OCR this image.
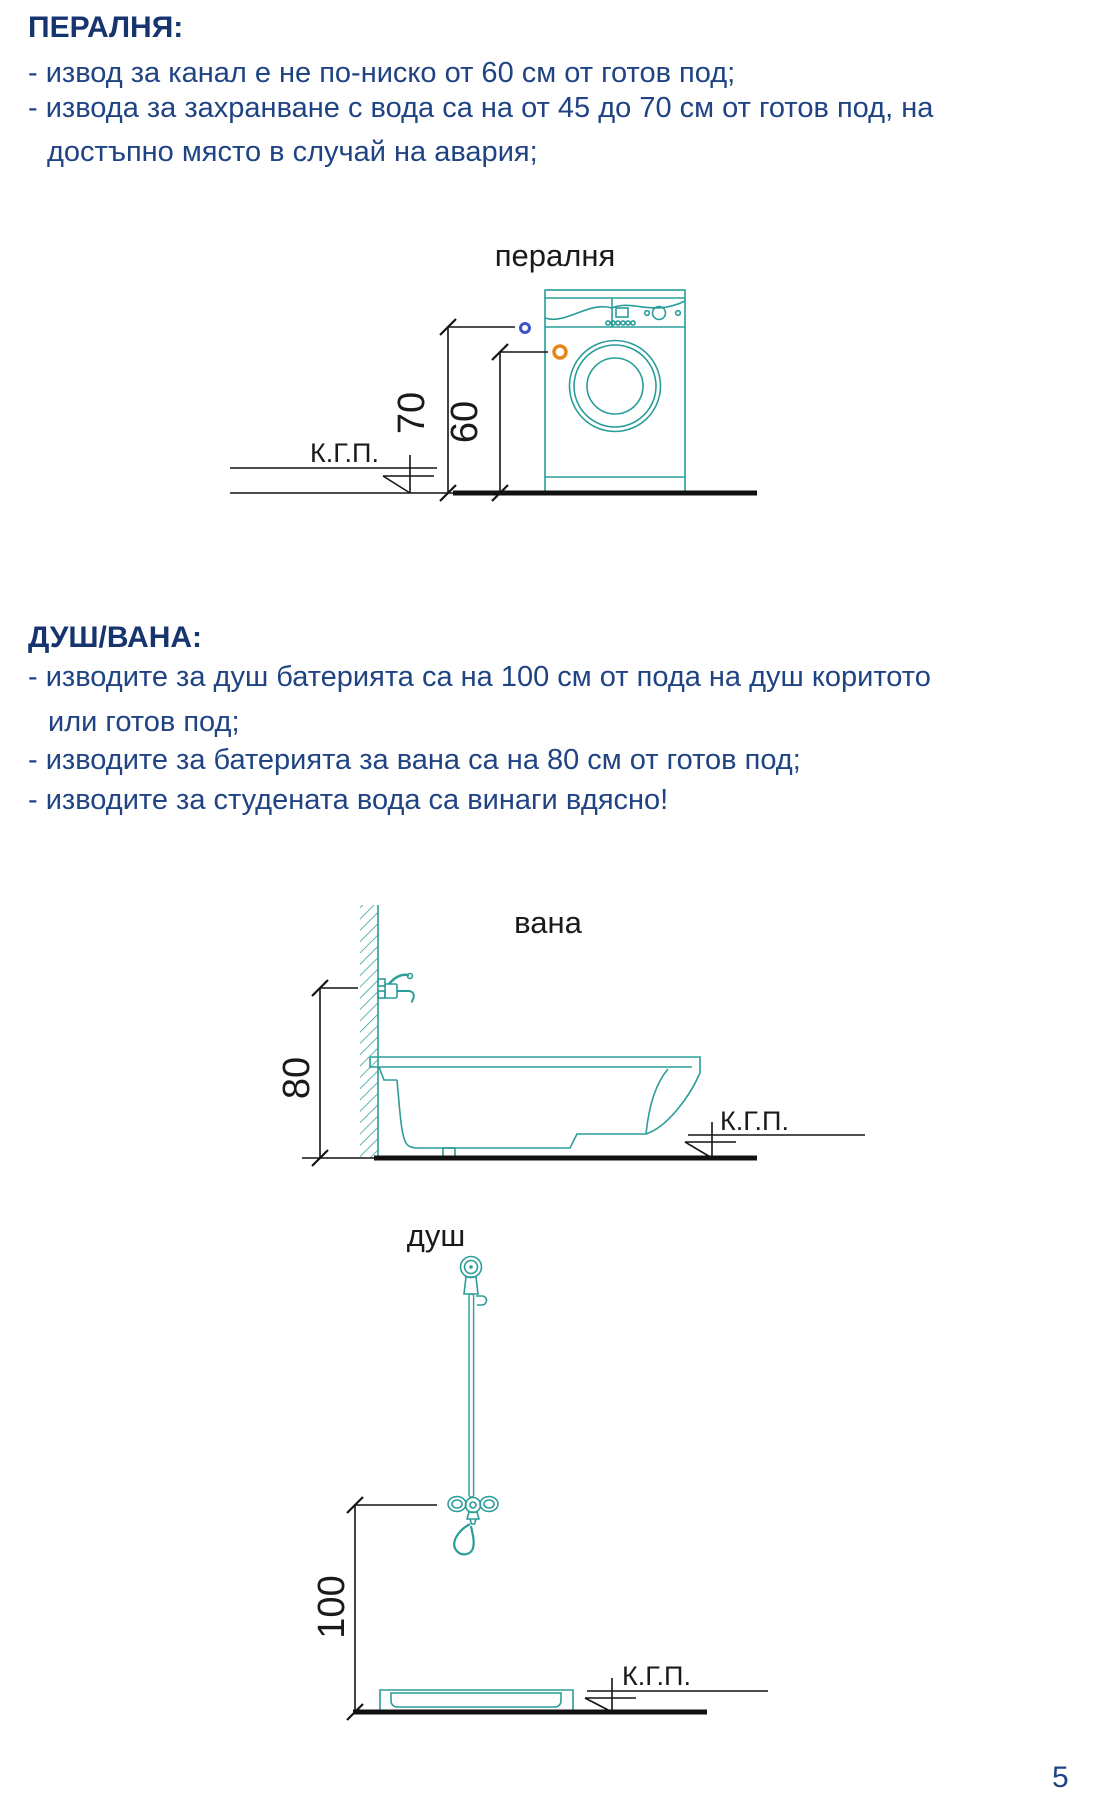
ПЕРАЛНЯ:
- извод за канал е не по-ниско от 60 см от готов под;
- извода за захранване с вода са на от 45 до 70 см от готов под, на
достъпно място в случай на авария;
ДУШ/ВАНА:
- изводите за душ батерията са на 100 см от пода на душ коритото
или готов под;
- изводите за батерията за вана са на 80 см от готов под;
- изводите за студената вода са винаги вдясно!
5
пералня
70 60
К.Г.П.
вана
80
К.Г.П.
душ
100
К.Г.П.
